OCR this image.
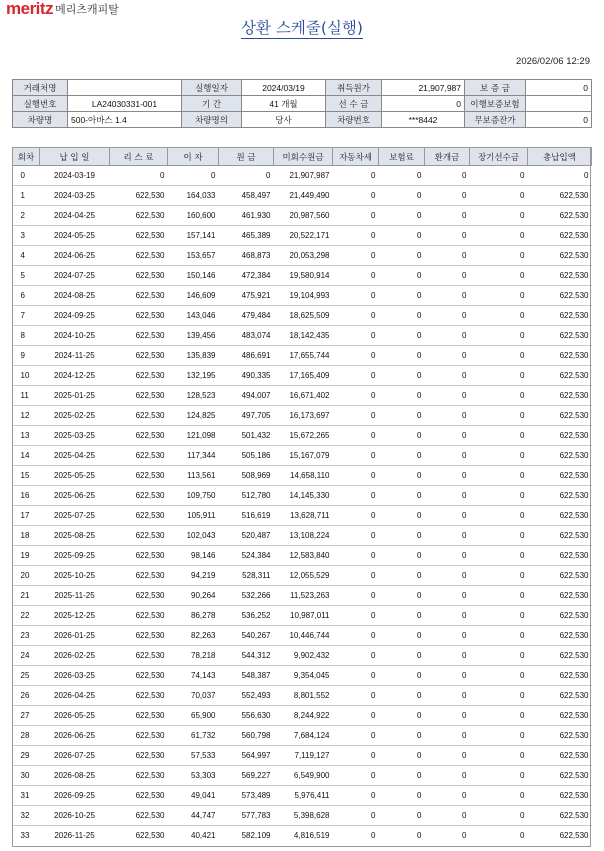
meritz 메리츠캐피탈
상환 스케줄(실행)
2026/02/06 12:29
거래처명		실행일자	2024/03/19	취득원가	21,907,987	보 증 금	0
실행번호	LA24030331-001	기 간	41 개월	선 수 금	0	이행보증보험	
차량명	500-아바스 1.4	차량명의	당사	차량번호	***8442	무보증잔가	0
회차	납 입 일	리 스 료	이 자	원 금	미회수원금	자동차세	보험료	환개금	장기선수금	총납입액
0	2024-03-19	0	0	0	21,907,987	0	0	0	0	0
1	2024-03-25	622,530	164,033	458,497	21,449,490	0	0	0	0	622,530
2	2024-04-25	622,530	160,600	461,930	20,987,560	0	0	0	0	622,530
3	2024-05-25	622,530	157,141	465,389	20,522,171	0	0	0	0	622,530
4	2024-06-25	622,530	153,657	468,873	20,053,298	0	0	0	0	622,530
5	2024-07-25	622,530	150,146	472,384	19,580,914	0	0	0	0	622,530
6	2024-08-25	622,530	146,609	475,921	19,104,993	0	0	0	0	622,530
7	2024-09-25	622,530	143,046	479,484	18,625,509	0	0	0	0	622,530
8	2024-10-25	622,530	139,456	483,074	18,142,435	0	0	0	0	622,530
9	2024-11-25	622,530	135,839	486,691	17,655,744	0	0	0	0	622,530
10	2024-12-25	622,530	132,195	490,335	17,165,409	0	0	0	0	622,530
11	2025-01-25	622,530	128,523	494,007	16,671,402	0	0	0	0	622,530
12	2025-02-25	622,530	124,825	497,705	16,173,697	0	0	0	0	622,530
13	2025-03-25	622,530	121,098	501,432	15,672,265	0	0	0	0	622,530
14	2025-04-25	622,530	117,344	505,186	15,167,079	0	0	0	0	622,530
15	2025-05-25	622,530	113,561	508,969	14,658,110	0	0	0	0	622,530
16	2025-06-25	622,530	109,750	512,780	14,145,330	0	0	0	0	622,530
17	2025-07-25	622,530	105,911	516,619	13,628,711	0	0	0	0	622,530
18	2025-08-25	622,530	102,043	520,487	13,108,224	0	0	0	0	622,530
19	2025-09-25	622,530	98,146	524,384	12,583,840	0	0	0	0	622,530
20	2025-10-25	622,530	94,219	528,311	12,055,529	0	0	0	0	622,530
21	2025-11-25	622,530	90,264	532,266	11,523,263	0	0	0	0	622,530
22	2025-12-25	622,530	86,278	536,252	10,987,011	0	0	0	0	622,530
23	2026-01-25	622,530	82,263	540,267	10,446,744	0	0	0	0	622,530
24	2026-02-25	622,530	78,218	544,312	9,902,432	0	0	0	0	622,530
25	2026-03-25	622,530	74,143	548,387	9,354,045	0	0	0	0	622,530
26	2026-04-25	622,530	70,037	552,493	8,801,552	0	0	0	0	622,530
27	2026-05-25	622,530	65,900	556,630	8,244,922	0	0	0	0	622,530
28	2026-06-25	622,530	61,732	560,798	7,684,124	0	0	0	0	622,530
29	2026-07-25	622,530	57,533	564,997	7,119,127	0	0	0	0	622,530
30	2026-08-25	622,530	53,303	569,227	6,549,900	0	0	0	0	622,530
31	2026-09-25	622,530	49,041	573,489	5,976,411	0	0	0	0	622,530
32	2026-10-25	622,530	44,747	577,783	5,398,628	0	0	0	0	622,530
33	2026-11-25	622,530	40,421	582,109	4,816,519	0	0	0	0	622,530
